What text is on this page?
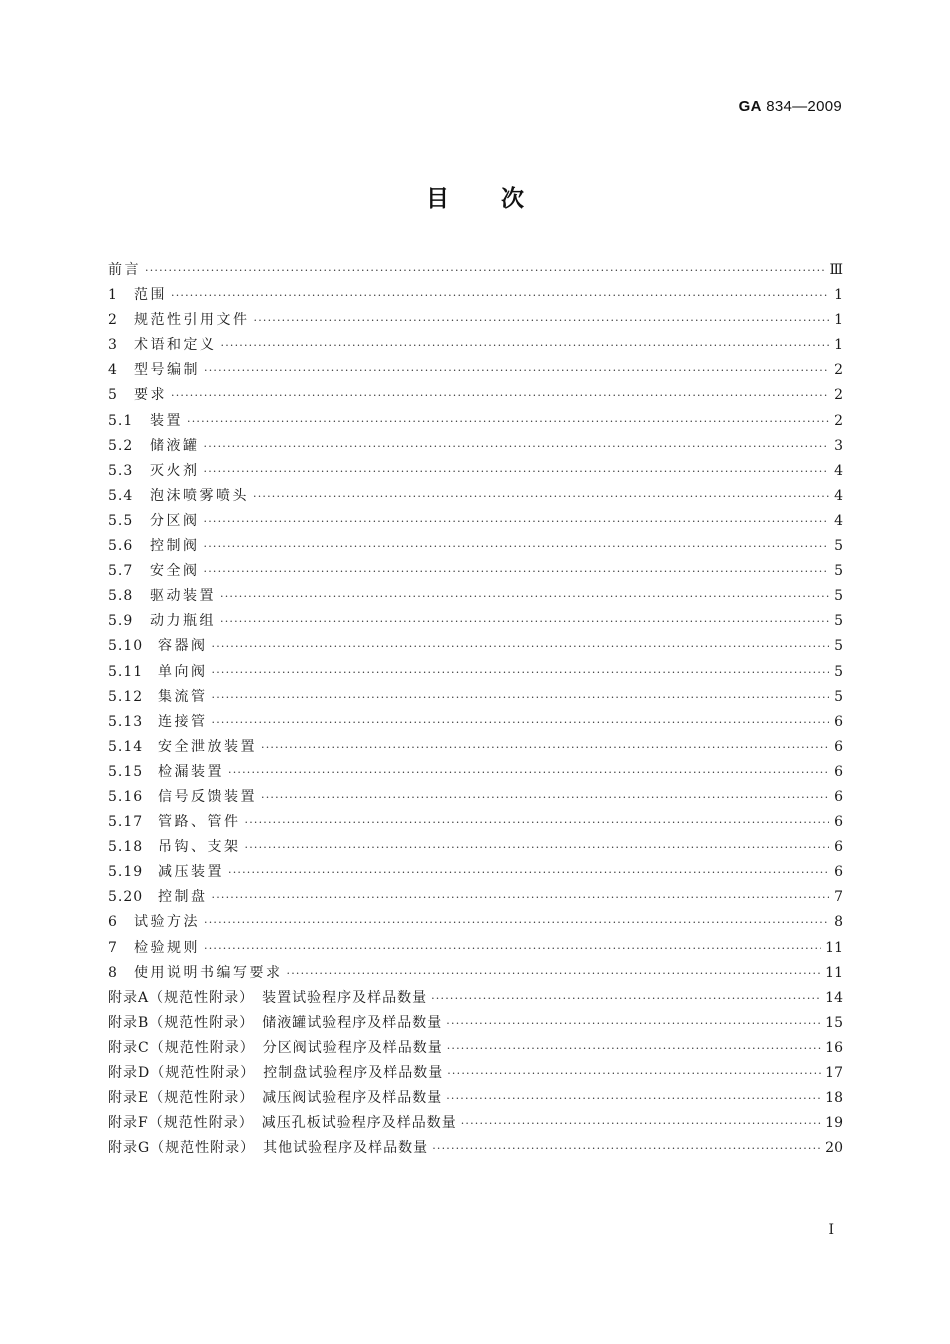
GA 834—2009
目 次
前言 ·····	Ⅲ
1	范围 ·····	1
2	规范性引用文件 ·····	1
3	术语和定义 ·····	1
4	型号编制 ·····	2
5	要求 ·····	2
5.1	装置 ·····	2
5.2	储液罐 ·····	3
5.3	灭火剂 ·····	4
5.4	泡沫喷雾喷头 ·····	4
5.5	分区阀 ·····	4
5.6	控制阀 ·····	5
5.7	安全阀 ·····	5
5.8	驱动装置 ·····	5
5.9	动力瓶组 ·····	5
5.10	容器阀 ·····	5
5.11	单向阀 ·····	5
5.12	集流管 ·····	5
5.13	连接管 ·····	6
5.14	安全泄放装置 ·····	6
5.15	检漏装置 ·····	6
5.16	信号反馈装置 ·····	6
5.17	管路、管件 ·····	6
5.18	吊钩、支架 ·····	6
5.19	减压装置 ·····	6
5.20	控制盘 ·····	7
6	试验方法 ·····	8
7	检验规则 ·····	11
8	使用说明书编写要求 ·····	11
附录A（规范性附录）　装置试验程序及样品数量 ·····	14
附录B（规范性附录）　储液罐试验程序及样品数量 ·····	15
附录C（规范性附录）　分区阀试验程序及样品数量 ·····	16
附录D（规范性附录）　控制盘试验程序及样品数量 ·····	17
附录E（规范性附录）　减压阀试验程序及样品数量 ·····	18
附录F（规范性附录）　减压孔板试验程序及样品数量 ·····	19
附录G（规范性附录）　其他试验程序及样品数量 ·····	20
I
